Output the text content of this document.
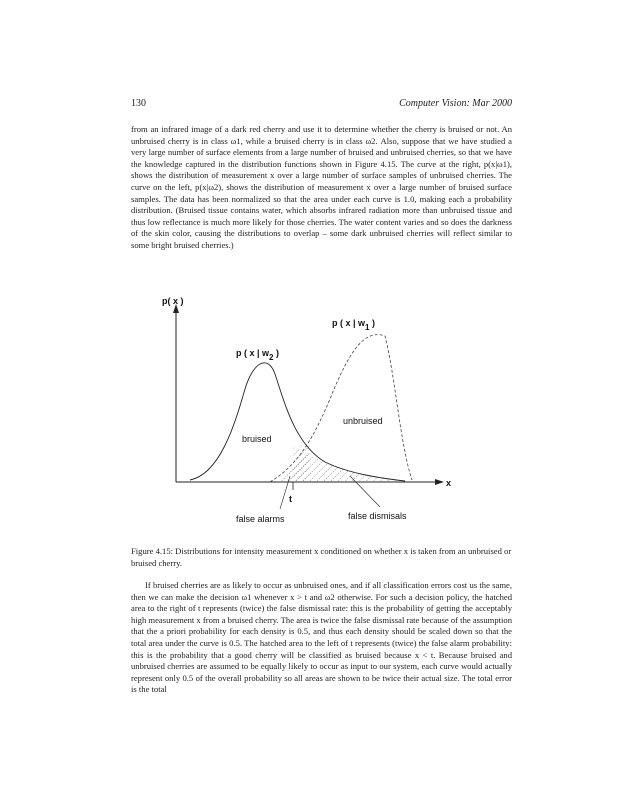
130	Computer Vision: Mar 2000

from an infrared image of a dark red cherry and use it to determine whether the cherry is bruised or not. An unbruised cherry is in class ω1, while a bruised cherry is in class ω2. Also, suppose that we have studied a very large number of surface elements from a large number of bruised and unbruised cherries, so that we have the knowledge captured in the distribution functions shown in Figure 4.15. The curve at the right, p(x|ω1), shows the distribution of measurement x over a large number of surface samples of unbruised cherries. The curve on the left, p(x|ω2), shows the distribution of measurement x over a large number of bruised surface samples. The data has been normalized so that the area under each curve is 1.0, making each a probability distribution. (Bruised tissue contains water, which absorbs infrared radiation more than unbruised tissue and thus low reflectance is much more likely for those cherries. The water content varies and so does the darkness of the skin color, causing the distributions to overlap – some dark unbruised cherries will reflect similar to some bright bruised cherries.)

p( x )
x
p ( x | w1 )
p ( x | w2 )
unbruised
bruised
t
false alarms	false dismisals

Figure 4.15: Distributions for intensity measurement x conditioned on whether x is taken from an unbruised or bruised cherry.

If bruised cherries are as likely to occur as unbruised ones, and if all classification errors cost us the same, then we can make the decision ω1 whenever x > t and ω2 otherwise. For such a decision policy, the hatched area to the right of t represents (twice) the false dismissal rate: this is the probability of getting the acceptably high measurement x from a bruised cherry. The area is twice the false dismissal rate because of the assumption that the a priori probability for each density is 0.5, and thus each density should be scaled down so that the total area under the curve is 0.5. The hatched area to the left of t represents (twice) the false alarm probability: this is the probability that a good cherry will be classified as bruised because x < t. Because bruised and unbruised cherries are assumed to be equally likely to occur as input to our system, each curve would actually represent only 0.5 of the overall probability so all areas are shown to be twice their actual size. The total error is the total
